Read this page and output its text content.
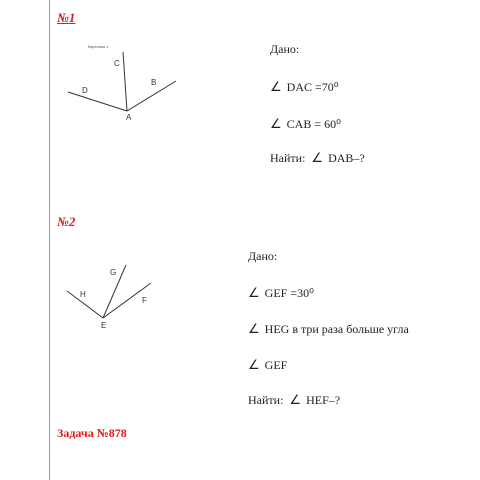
№1
Картинка 1
C
B
D
A
Дано:
∠ DAC =70⁰
∠ CAB = 60⁰
Найти: ∠ DAB–?
№2
G
H
F
E
Дано:
∠ GEF =30⁰
∠ HEG в три раза больше угла
∠ GEF
Найти: ∠ HEF–?
Задача №878
